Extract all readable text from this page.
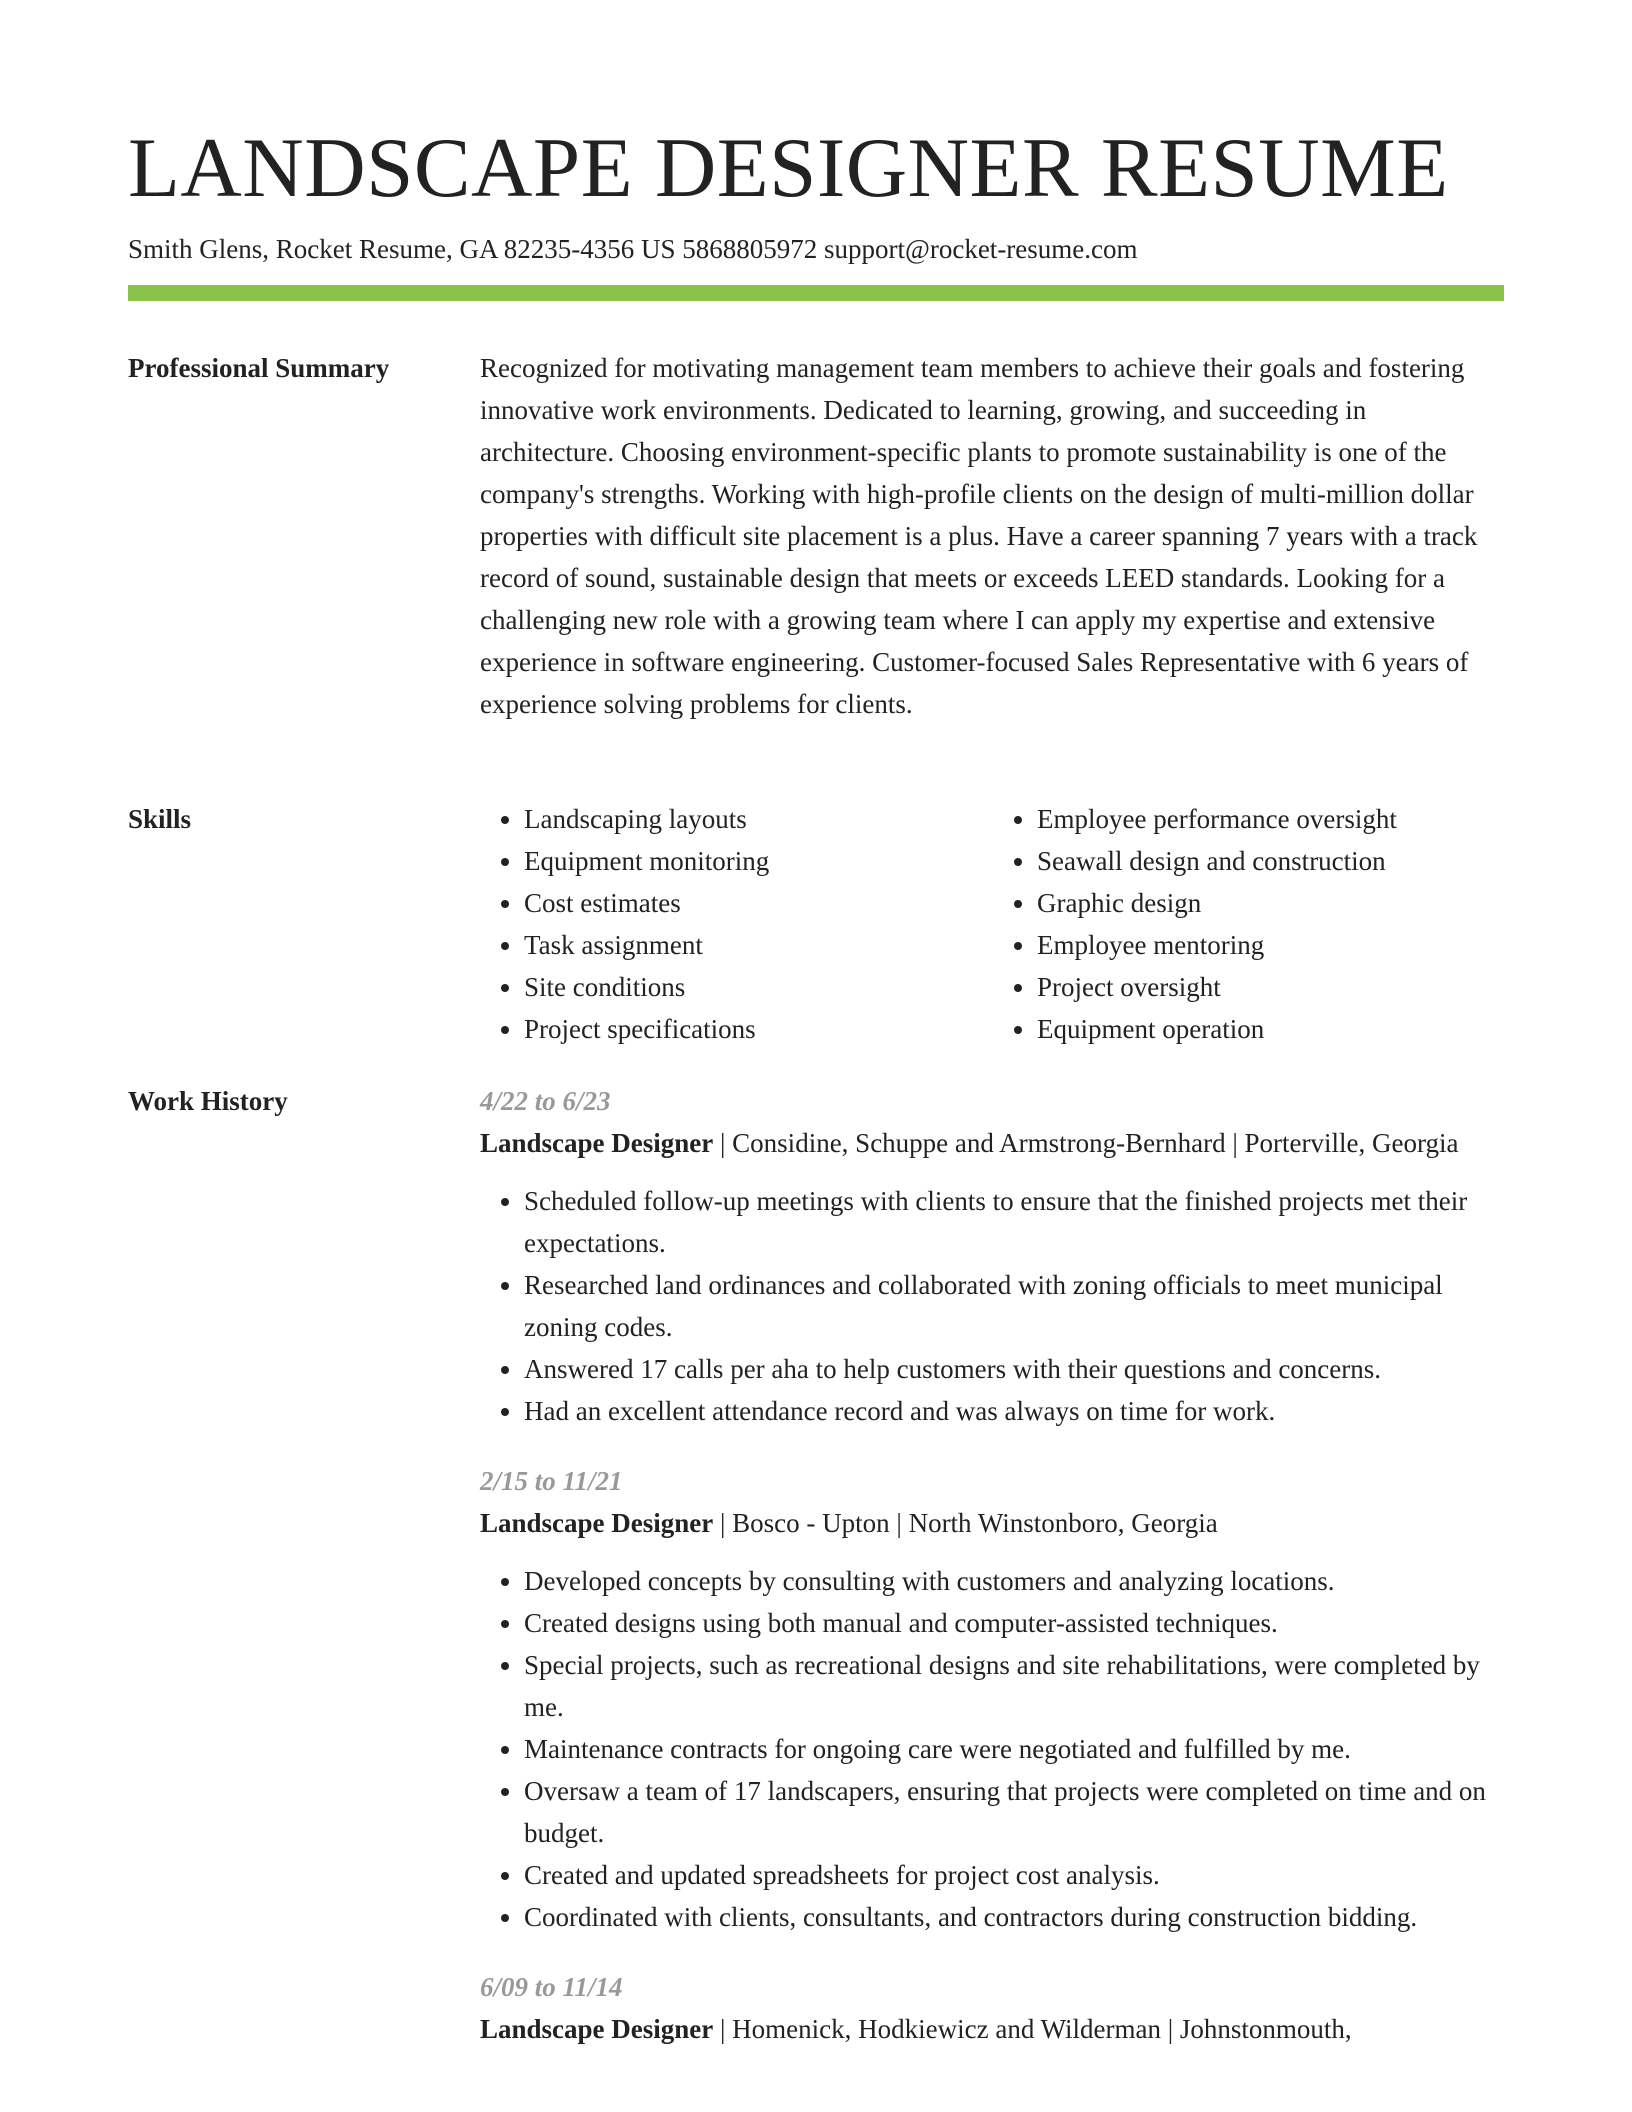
LANDSCAPE DESIGNER RESUME
Smith Glens, Rocket Resume, GA 82235-4356 US 5868805972 support@rocket-resume.com
Professional Summary	Recognized for motivating management team members to achieve their goals and fostering innovative work environments. Dedicated to learning, growing, and succeeding in architecture. Choosing environment-specific plants to promote sustainability is one of the company's strengths. Working with high-profile clients on the design of multi-million dollar properties with difficult site placement is a plus. Have a career spanning 7 years with a track record of sound, sustainable design that meets or exceeds LEED standards. Looking for a challenging new role with a growing team where I can apply my expertise and extensive experience in software engineering. Customer-focused Sales Representative with 6 years of experience solving problems for clients.

Skills
•	Landscaping layouts
• Equipment monitoring
• Cost estimates
• Task assignment
• Site conditions
• Project specifications
• Employee performance oversight
• Seawall design and construction
• Graphic design
• Employee mentoring
• Project oversight
• Equipment operation
Work History	4/22 to 6/23
Landscape Designer | Considine, Schuppe and Armstrong-Bernhard | Porterville, Georgia
• Scheduled follow-up meetings with clients to ensure that the finished projects met their expectations.
• Researched land ordinances and collaborated with zoning officials to meet municipal zoning codes.
• Answered 17 calls per aha to help customers with their questions and concerns.
• Had an excellent attendance record and was always on time for work.
2/15 to 11/21
Landscape Designer | Bosco - Upton | North Winstonboro, Georgia
• Developed concepts by consulting with customers and analyzing locations.
• Created designs using both manual and computer-assisted techniques.
• Special projects, such as recreational designs and site rehabilitations, were completed by me.
• Maintenance contracts for ongoing care were negotiated and fulfilled by me.
• Oversaw a team of 17 landscapers, ensuring that projects were completed on time and on budget.
• Created and updated spreadsheets for project cost analysis.
• Coordinated with clients, consultants, and contractors during construction bidding.
6/09 to 11/14
Landscape Designer | Homenick, Hodkiewicz and Wilderman | Johnstonmouth,
